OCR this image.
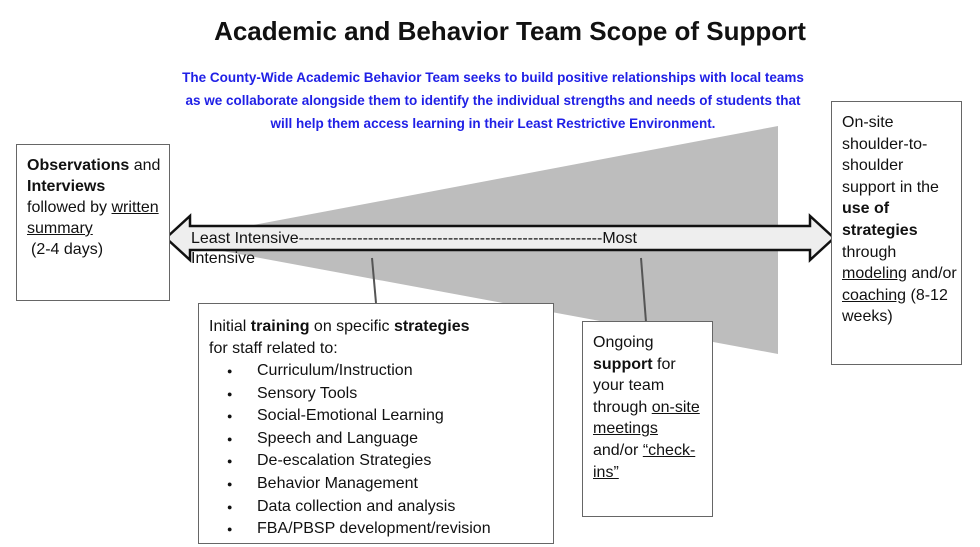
Academic and Behavior Team Scope of Support
The County-Wide Academic Behavior Team seeks to build positive relationships with local teams as we collaborate alongside them to identify the individual strengths and needs of students that will help them access learning in their Least Restrictive Environment.
Least Intensive---------------------------------------------------------Most
Intensive
Observations and Interviews followed by written summary
(2-4 days)
Initial training on specific strategies
for staff related to:
● Curriculum/Instruction
● Sensory Tools
● Social-Emotional Learning
● Speech and Language
● De-escalation Strategies
● Behavior Management
● Data collection and analysis
● FBA/PBSP development/revision
Ongoing support for your team through on-site meetings and/or “check-ins”
On-site shoulder-to-shoulder support in the use of strategies through modeling and/or coaching (8-12 weeks)
